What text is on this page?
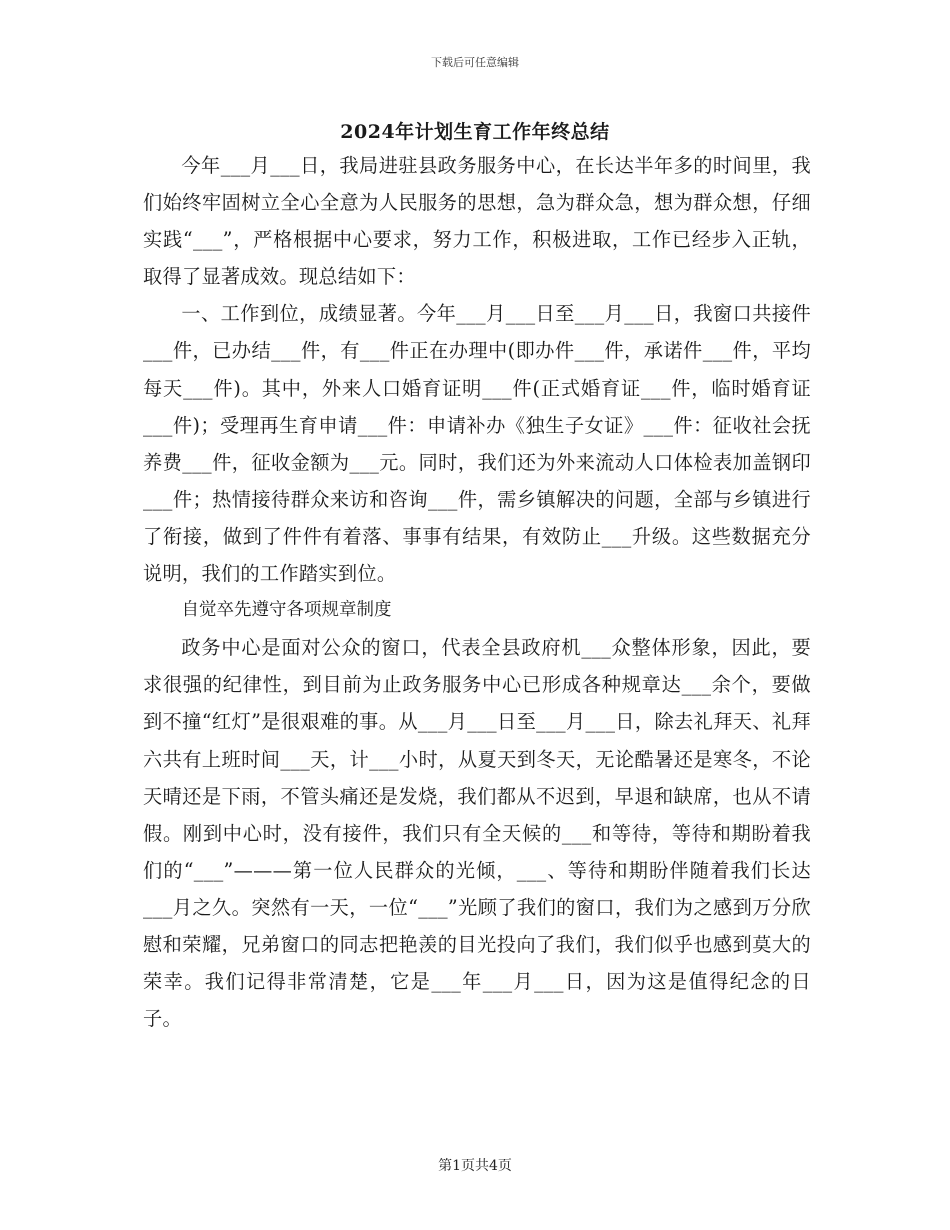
下载后可任意编辑
2024年计划生育工作年终总结

今年___月___日，我局进驻县政务服务中心，在长达半年多的时间里，我们始终牢固树立全心全意为人民服务的思想，急为群众急，想为群众想，仔细实践“___”，严格根据中心要求，努力工作，积极进取，工作已经步入正轨，取得了显著成效。现总结如下：

一、工作到位，成绩显著。今年___月___日至___月___日，我窗口共接件___件，已办结___件，有___件正在办理中(即办件___件，承诺件___件，平均每天___件)。其中，外来人口婚育证明___件(正式婚育证___件，临时婚育证___件)；受理再生育申请___件：申请补办《独生子女证》___件：征收社会抚养费___件，征收金额为___元。同时，我们还为外来流动人口体检表加盖钢印___件；热情接待群众来访和咨询___件，需乡镇解决的问题，全部与乡镇进行了衔接，做到了件件有着落、事事有结果，有效防止___升级。这些数据充分说明，我们的工作踏实到位。

自觉卒先遵守各项规章制度

政务中心是面对公众的窗口，代表全县政府机___众整体形象，因此，要求很强的纪律性，到目前为止政务服务中心已形成各种规章达___余个，要做到不撞“红灯”是很艰难的事。从___月___日至___月___日，除去礼拜天、礼拜六共有上班时间___天，计___小时，从夏天到冬天，无论酷暑还是寒冬，不论天晴还是下雨，不管头痛还是发烧，我们都从不迟到，早退和缺席，也从不请假。刚到中心时，没有接件，我们只有全天候的___和等待，等待和期盼着我们的“___”———第一位人民群众的光倾，___、等待和期盼伴随着我们长达___月之久。突然有一天，一位“___”光顾了我们的窗口，我们为之感到万分欣慰和荣耀，兄弟窗口的同志把艳羡的目光投向了我们，我们似乎也感到莫大的荣幸。我们记得非常清楚，它是___年___月___日，因为这是值得纪念的日子。

第1页共4页
